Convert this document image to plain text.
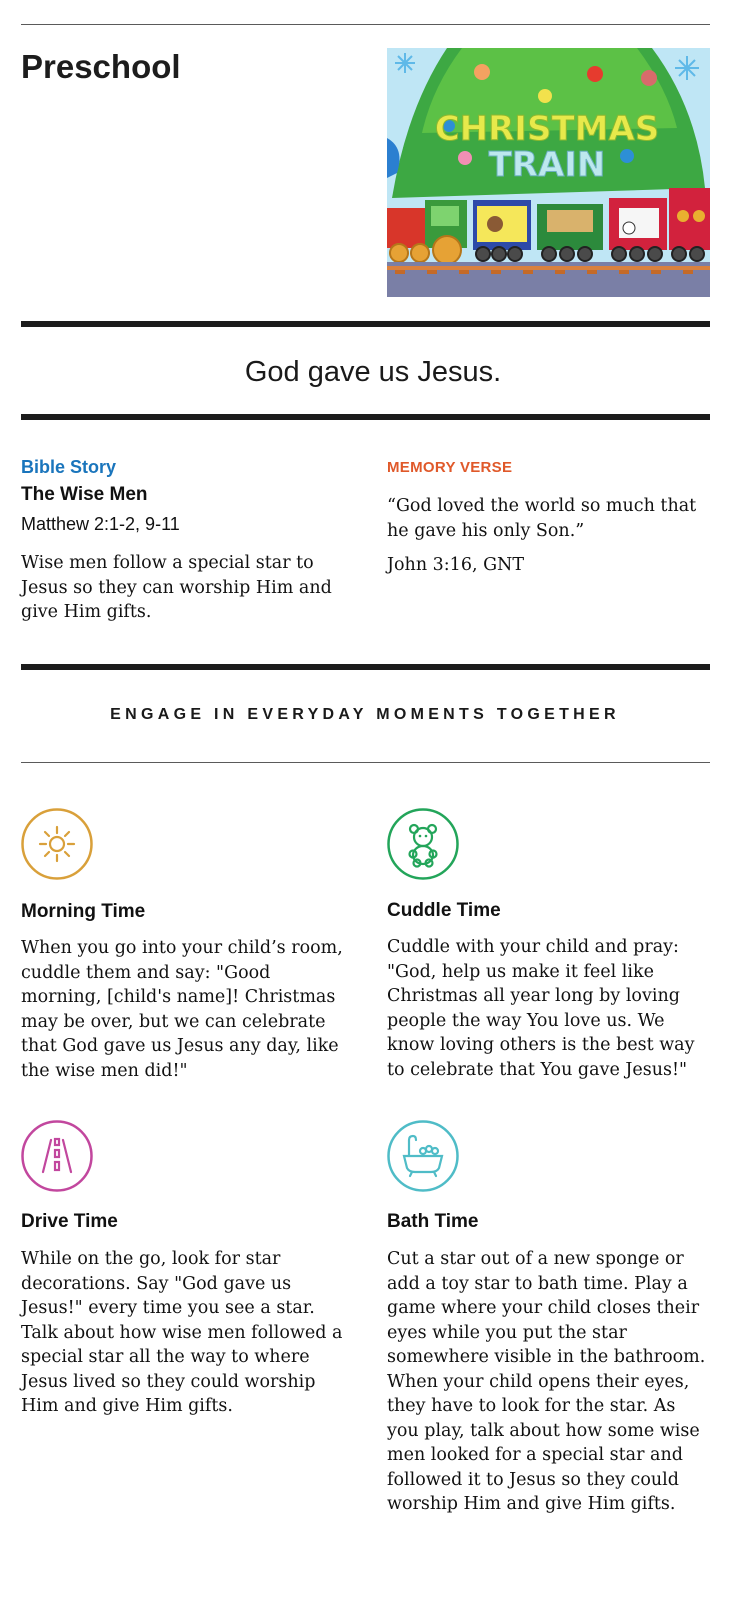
Preschool
CHRISTMAS
TRAIN
God gave us Jesus.
Bible Story
The Wise Men
Matthew 2:1-2, 9-11
Wise men follow a special star to Jesus so they can worship Him and give Him gifts.
MEMORY VERSE
“God loved the world so much that he gave his only Son.”
John 3:16, GNT
ENGAGE IN EVERYDAY MOMENTS TOGETHER
Morning Time
When you go into your child’s room, cuddle them and say: "Good morning, [child's name]! Christmas may be over, but we can celebrate that God gave us Jesus any day, like the wise men did!"
Cuddle Time
Cuddle with your child and pray: "God, help us make it feel like Christmas all year long by loving people the way You love us. We know loving others is the best way to celebrate that You gave Jesus!"
Drive Time
While on the go, look for star decorations. Say "God gave us Jesus!" every time you see a star. Talk about how wise men followed a special star all the way to where Jesus lived so they could worship Him and give Him gifts.
Bath Time
Cut a star out of a new sponge or add a toy star to bath time. Play a game where your child closes their eyes while you put the star somewhere visible in the bathroom. When your child opens their eyes, they have to look for the star. As you play, talk about how some wise men looked for a special star and followed it to Jesus so they could worship Him and give Him gifts.
